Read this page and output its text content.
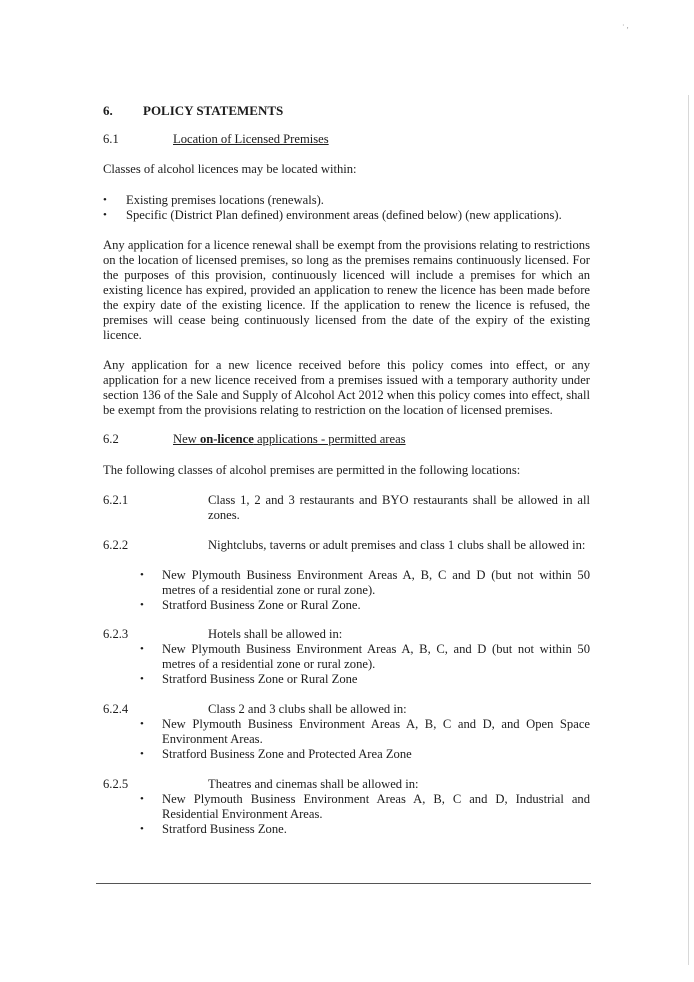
· ,
6. POLICY STATEMENTS
6.1	Location of Licensed Premises
Classes of alcohol licences may be located within:
• Existing premises locations (renewals).
• Specific (District Plan defined) environment areas (defined below) (new applications).
Any application for a licence renewal shall be exempt from the provisions relating to restrictions on the location of licensed premises, so long as the premises remains continuously licensed. For the purposes of this provision, continuously licenced will include a premises for which an existing licence has expired, provided an application to renew the licence has been made before the expiry date of the existing licence. If the application to renew the licence is refused, the premises will cease being continuously licensed from the date of the expiry of the existing licence.
Any application for a new licence received before this policy comes into effect, or any application for a new licence received from a premises issued with a temporary authority under section 136 of the Sale and Supply of Alcohol Act 2012 when this policy comes into effect, shall be exempt from the provisions relating to restriction on the location of licensed premises.
6.2	New on-licence applications - permitted areas
The following classes of alcohol premises are permitted in the following locations:
6.2.1	Class 1, 2 and 3 restaurants and BYO restaurants shall be allowed in all zones.
6.2.2	Nightclubs, taverns or adult premises and class 1 clubs shall be allowed in:
• New Plymouth Business Environment Areas A, B, C and D (but not within 50 metres of a residential zone or rural zone).
• Stratford Business Zone or Rural Zone.
6.2.3	Hotels shall be allowed in:
• New Plymouth Business Environment Areas A, B, C, and D (but not within 50 metres of a residential zone or rural zone).
• Stratford Business Zone or Rural Zone
6.2.4	Class 2 and 3 clubs shall be allowed in:
• New Plymouth Business Environment Areas A, B, C and D, and Open Space Environment Areas.
• Stratford Business Zone and Protected Area Zone
6.2.5	Theatres and cinemas shall be allowed in:
• New Plymouth Business Environment Areas A, B, C and D, Industrial and Residential Environment Areas.
• Stratford Business Zone.
